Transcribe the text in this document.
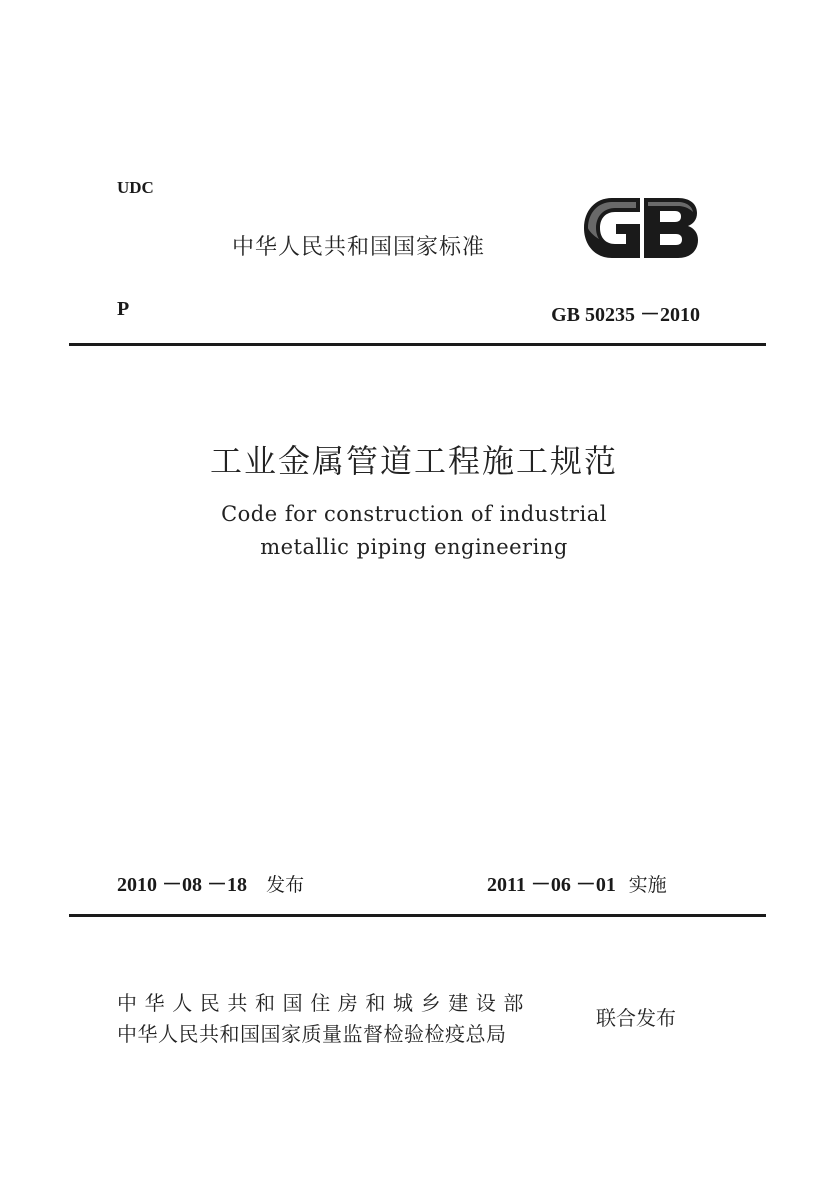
UDC
中华人民共和国国家标准
P	GB 50235 －2010
工业金属管道工程施工规范
Code for construction of industrial
metallic piping engineering
2010 －08 －18 发布	2011 －06 －01 实施
中华人民共和国住房和城乡建设部
中华人民共和国国家质量监督检验检疫总局
联合发布
